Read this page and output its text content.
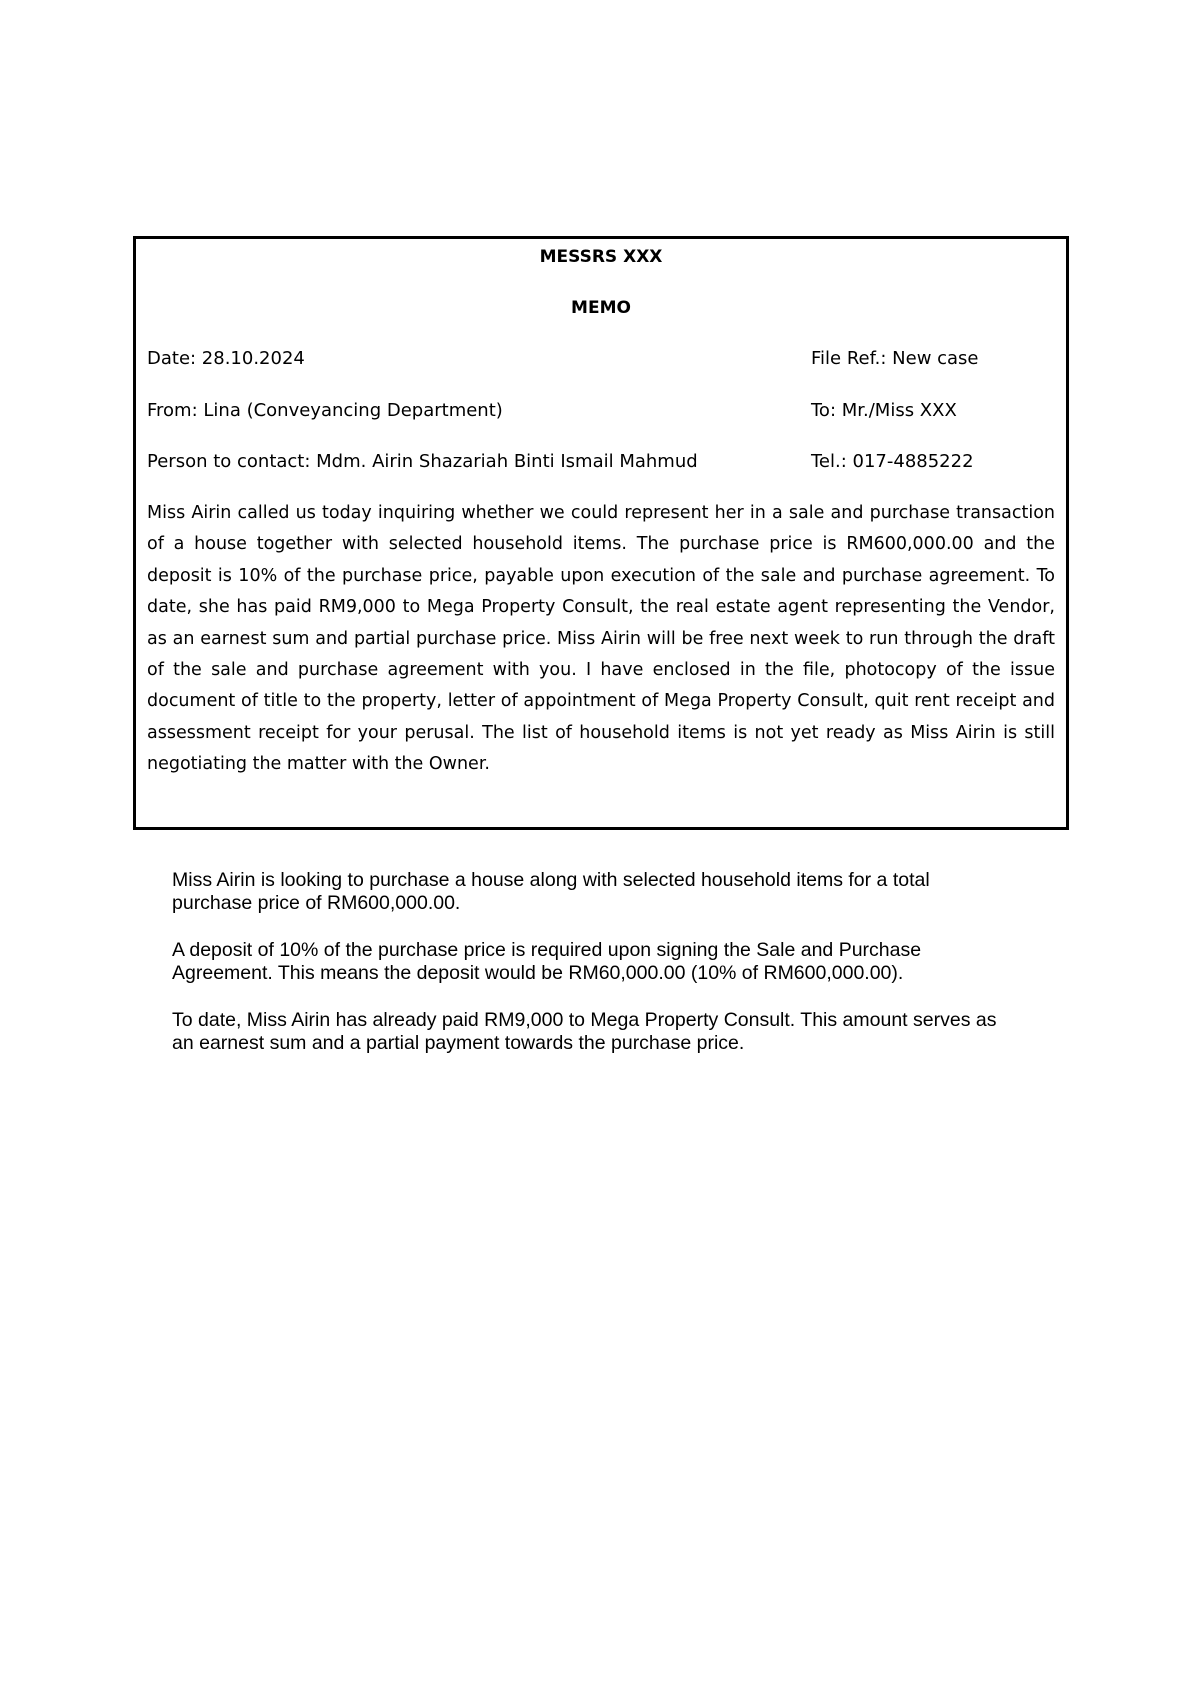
MESSRS XXX
MEMO
Date: 28.10.2024	File Ref.: New case
From: Lina (Conveyancing Department)	To: Mr./Miss XXX
Person to contact: Mdm. Airin Shazariah Binti Ismail Mahmud	Tel.: 017-4885222

Miss Airin called us today inquiring whether we could represent her in a sale and purchase transaction of a house together with selected household items. The purchase price is RM600,000.00 and the deposit is 10% of the purchase price, payable upon execution of the sale and purchase agreement. To date, she has paid RM9,000 to Mega Property Consult, the real estate agent representing the Vendor, as an earnest sum and partial purchase price. Miss Airin will be free next week to run through the draft of the sale and purchase agreement with you. I have enclosed in the file, photocopy of the issue document of title to the property, letter of appointment of Mega Property Consult, quit rent receipt and assessment receipt for your perusal. The list of household items is not yet ready as Miss Airin is still negotiating the matter with the Owner.

Miss Airin is looking to purchase a house along with selected household items for a total purchase price of RM600,000.00.

A deposit of 10% of the purchase price is required upon signing the Sale and Purchase Agreement. This means the deposit would be RM60,000.00 (10% of RM600,000.00).

To date, Miss Airin has already paid RM9,000 to Mega Property Consult. This amount serves as an earnest sum and a partial payment towards the purchase price.
